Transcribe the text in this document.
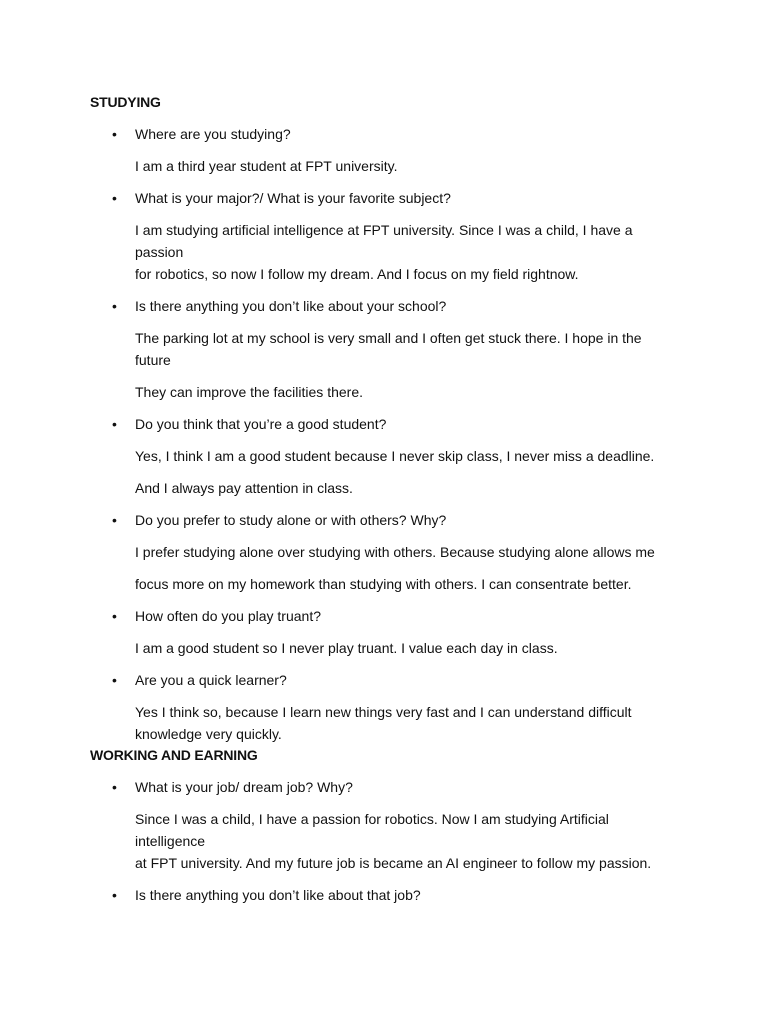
STUDYING
• Where are you studying?

I am a third year student at FPT university.
• What is your major?/ What is your favorite subject?

I am studying artificial intelligence at FPT university. Since I was a child, I have a passion
for robotics, so now I follow my dream. And I focus on my field rightnow.
• Is there anything you don’t like about your school?

The parking lot at my school is very small and I often get stuck there. I hope in the future
They can improve the facilities there.
• Do you think that you’re a good student?

Yes, I think I am a good student because I never skip class, I never miss a deadline.
And I always pay attention in class.
• Do you prefer to study alone or with others? Why?

I prefer studying alone over studying with others. Because studying alone allows me
focus more on my homework than studying with others. I can consentrate better.
• How often do you play truant?

I am a good student so I never play truant. I value each day in class.
• Are you a quick learner?

Yes I think so, because I learn new things very fast and I can understand difficult
knowledge very quickly.
WORKING AND EARNING
• What is your job/ dream job? Why?

Since I was a child, I have a passion for robotics. Now I am studying Artificial intelligence
at FPT university. And my future job is became an AI engineer to follow my passion.
• Is there anything you don’t like about that job?
